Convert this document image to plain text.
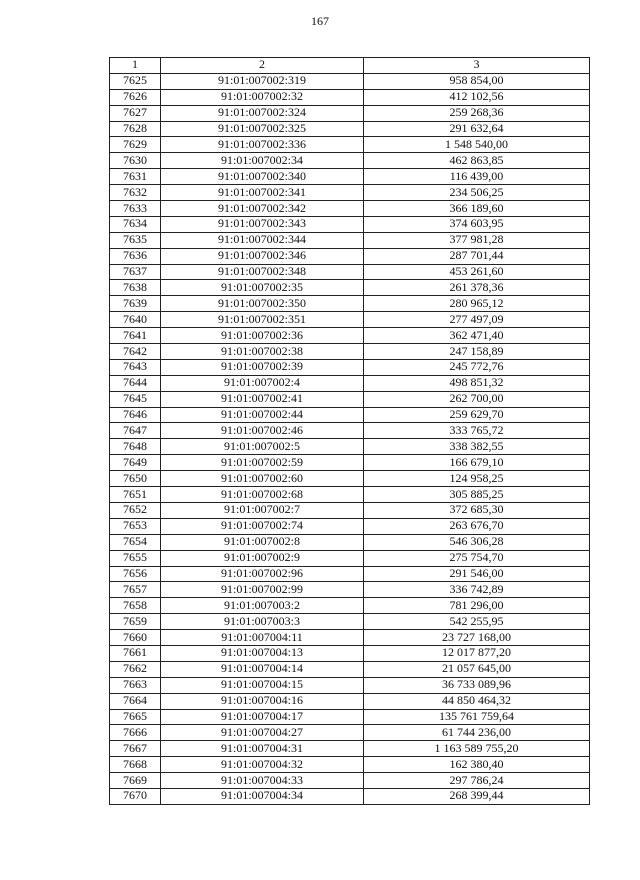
167
1	2	3
7625	91:01:007002:319	958 854,00
7626	91:01:007002:32	412 102,56
7627	91:01:007002:324	259 268,36
7628	91:01:007002:325	291 632,64
7629	91:01:007002:336	1 548 540,00
7630	91:01:007002:34	462 863,85
7631	91:01:007002:340	116 439,00
7632	91:01:007002:341	234 506,25
7633	91:01:007002:342	366 189,60
7634	91:01:007002:343	374 603,95
7635	91:01:007002:344	377 981,28
7636	91:01:007002:346	287 701,44
7637	91:01:007002:348	453 261,60
7638	91:01:007002:35	261 378,36
7639	91:01:007002:350	280 965,12
7640	91:01:007002:351	277 497,09
7641	91:01:007002:36	362 471,40
7642	91:01:007002:38	247 158,89
7643	91:01:007002:39	245 772,76
7644	91:01:007002:4	498 851,32
7645	91:01:007002:41	262 700,00
7646	91:01:007002:44	259 629,70
7647	91:01:007002:46	333 765,72
7648	91:01:007002:5	338 382,55
7649	91:01:007002:59	166 679,10
7650	91:01:007002:60	124 958,25
7651	91:01:007002:68	305 885,25
7652	91:01:007002:7	372 685,30
7653	91:01:007002:74	263 676,70
7654	91:01:007002:8	546 306,28
7655	91:01:007002:9	275 754,70
7656	91:01:007002:96	291 546,00
7657	91:01:007002:99	336 742,89
7658	91:01:007003:2	781 296,00
7659	91:01:007003:3	542 255,95
7660	91:01:007004:11	23 727 168,00
7661	91:01:007004:13	12 017 877,20
7662	91:01:007004:14	21 057 645,00
7663	91:01:007004:15	36 733 089,96
7664	91:01:007004:16	44 850 464,32
7665	91:01:007004:17	135 761 759,64
7666	91:01:007004:27	61 744 236,00
7667	91:01:007004:31	1 163 589 755,20
7668	91:01:007004:32	162 380,40
7669	91:01:007004:33	297 786,24
7670	91:01:007004:34	268 399,44
